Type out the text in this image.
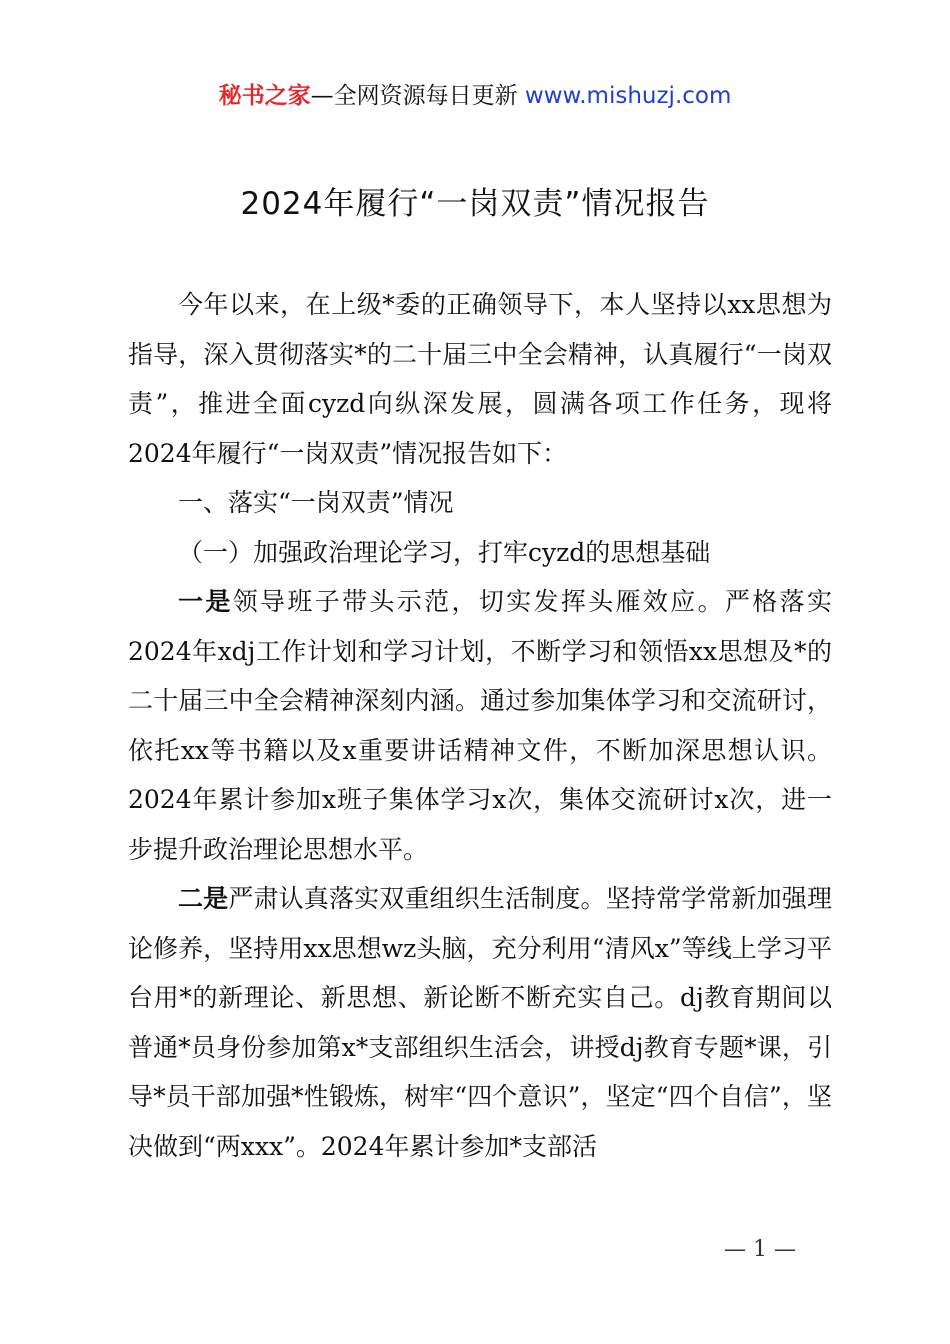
秘书之家—全网资源每日更新 www.mishuzj.com
2024年履行“一岗双责”情况报告

今年以来，在上级*委的正确领导下，本人坚持以xx思想为指导，深入贯彻落实*的二十届三中全会精神，认真履行“一岗双责”，推进全面cyzd向纵深发展，圆满各项工作任务，现将2024年履行“一岗双责”情况报告如下：

一、落实“一岗双责”情况

（一）加强政治理论学习，打牢cyzd的思想基础

一是领导班子带头示范，切实发挥头雁效应。严格落实2024年xdj工作计划和学习计划，不断学习和领悟xx思想及*的二十届三中全会精神深刻内涵。通过参加集体学习和交流研讨，依托xx等书籍以及x重要讲话精神文件，不断加深思想认识。2024年累计参加x班子集体学习x次，集体交流研讨x次，进一步提升政治理论思想水平。

二是严肃认真落实双重组织生活制度。坚持常学常新加强理论修养，坚持用xx思想wz头脑，充分利用“清风x”等线上学习平台用*的新理论、新思想、新论断不断充实自己。dj教育期间以普通*员身份参加第x*支部组织生活会，讲授dj教育专题*课，引导*员干部加强*性锻炼，树牢“四个意识”，坚定“四个自信”，坚决做到“两xxx”。2024年累计参加*支部活

— 1 —
